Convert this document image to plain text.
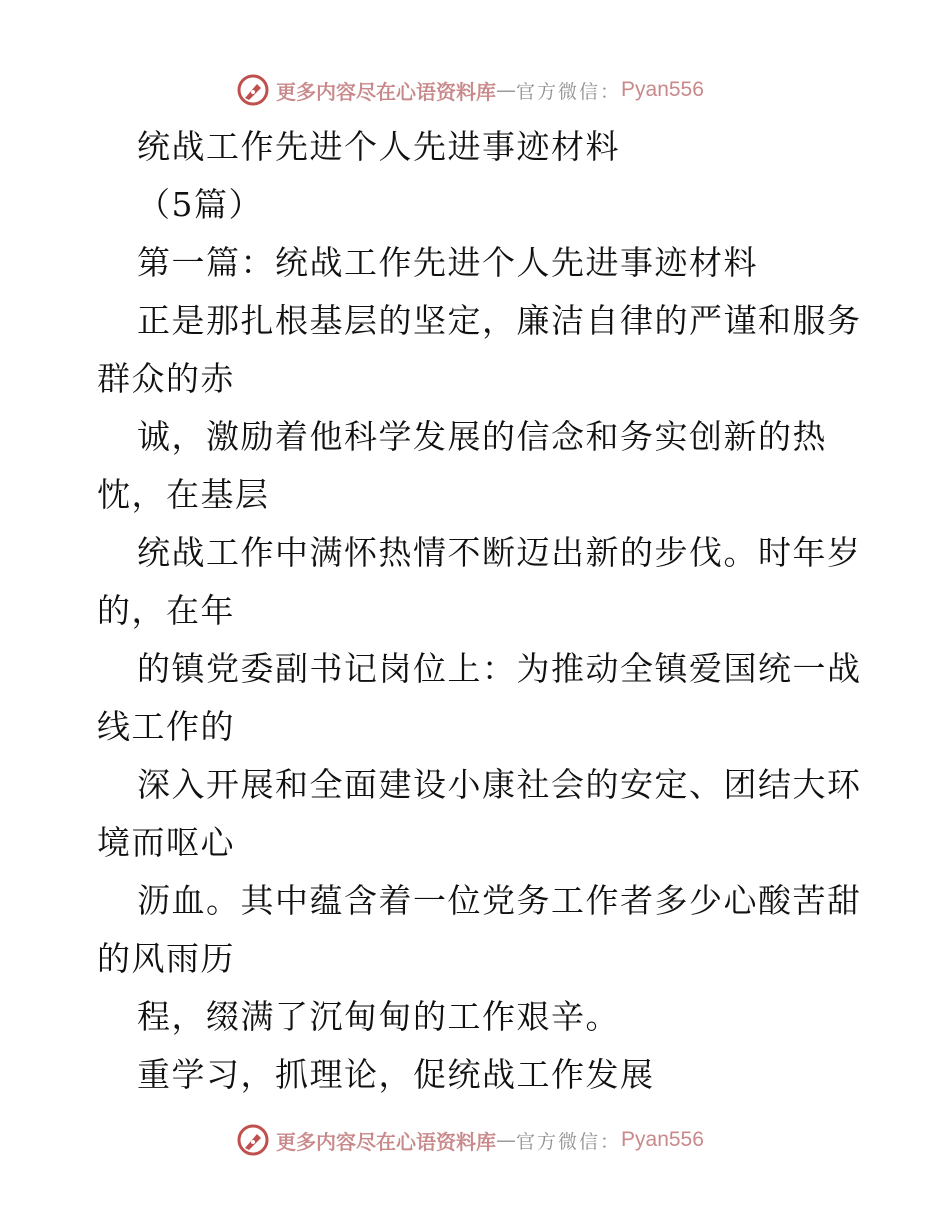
更多内容尽在心语资料库 — 官方微信： Pyan556
统战工作先进个人先进事迹材料
（5篇）
第一篇：统战工作先进个人先进事迹材料
正是那扎根基层的坚定，廉洁自律的严谨和服务
群众的赤
诚，激励着他科学发展的信念和务实创新的热
忱，在基层
统战工作中满怀热情不断迈出新的步伐。时年岁
的，在年
的镇党委副书记岗位上：为推动全镇爱国统一战
线工作的
深入开展和全面建设小康社会的安定、团结大环
境而呕心
沥血。其中蕴含着一位党务工作者多少心酸苦甜
的风雨历
程，缀满了沉甸甸的工作艰辛。
重学习，抓理论，促统战工作发展
更多内容尽在心语资料库 — 官方微信： Pyan556
